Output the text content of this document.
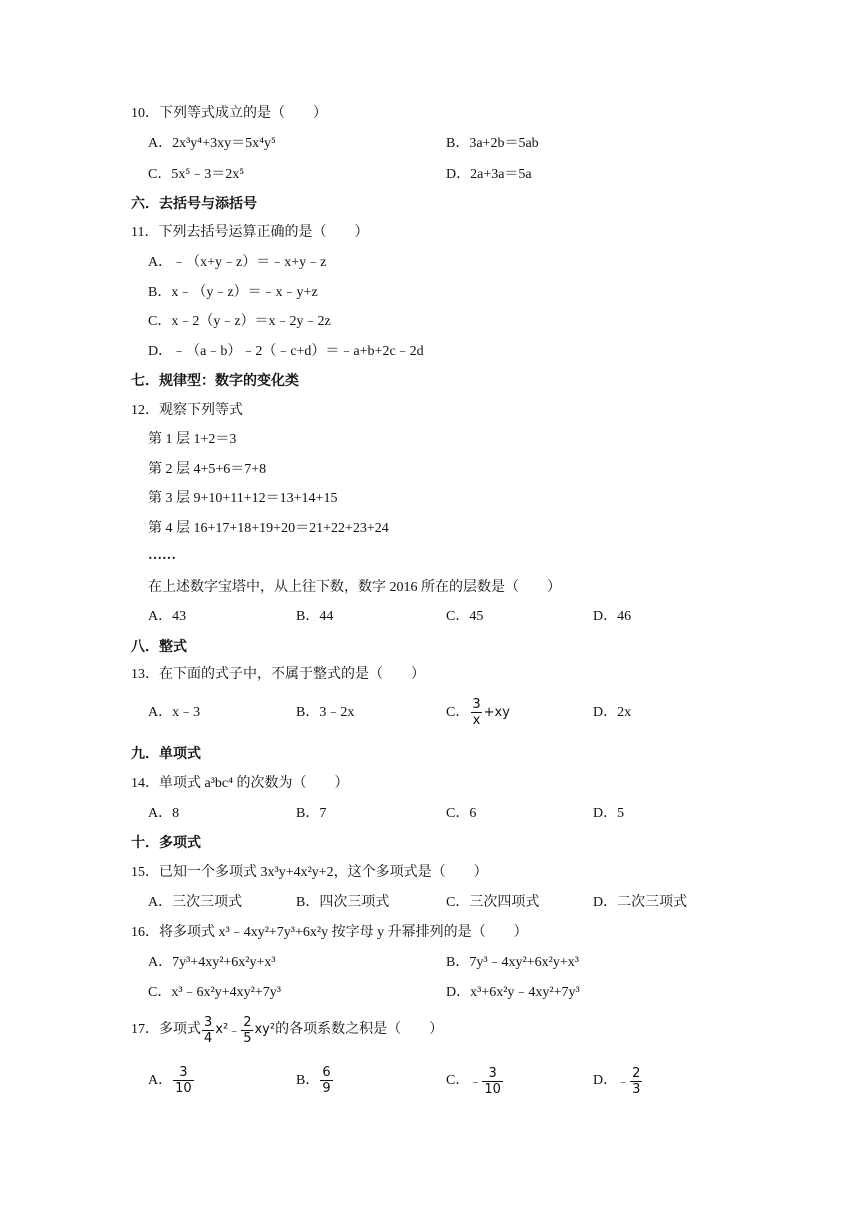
10．下列等式成立的是（　　）
A．2x³y⁴+3xy＝5x⁴y⁵	B．3a+2b＝5ab
C．5x⁵﹣3＝2x⁵	D．2a+3a＝5a
六．去括号与添括号
11．下列去括号运算正确的是（　　）
A．﹣（x+y﹣z）＝﹣x+y﹣z
B．x﹣（y﹣z）＝﹣x﹣y+z
C．x﹣2（y﹣z）＝x﹣2y﹣2z
D．﹣（a﹣b）﹣2（﹣c+d）＝﹣a+b+2c﹣2d
七．规律型：数字的变化类
12．观察下列等式
第 1 层 1+2＝3
第 2 层 4+5+6＝7+8
第 3 层 9+10+11+12＝13+14+15
第 4 层 16+17+18+19+20＝21+22+23+24
……
在上述数字宝塔中，从上往下数，数字 2016 所在的层数是（　　）
A．43	B．44	C．45	D．46
八．整式
13．在下面的式子中，不属于整式的是（　　）
A．x﹣3	B．3﹣2x	C． $\frac{3}{x} +xy$	D．2x
九．单项式
14．单项式 a³bc⁴ 的次数为（　　）
A．8	B．7	C．6	D．5
十．多项式
15．已知一个多项式 3x³y+4x²y+2，这个多项式是（　　）
A．三次三项式	B．四次三项式	C．三次四项式	D．二次三项式
16．将多项式 x³﹣4xy²+7y³+6x²y 按字母 y 升幂排列的是（　　）
A．7y³+4xy²+6x²y+x³	B．7y³﹣4xy²+6x²y+x³
C．x³﹣6x²y+4xy²+7y³	D．x³+6x²y﹣4xy²+7y³
17．多项式 $\frac{3}{4}$ x²﹣ $\frac{2}{5} xy^2$的各项系数之积是（　　）
A． $\frac{3}{10}$	B． $\frac{6}{9}$	C．﹣ $\frac{3}{10}$	D．﹣ $\frac{2}{3}$
